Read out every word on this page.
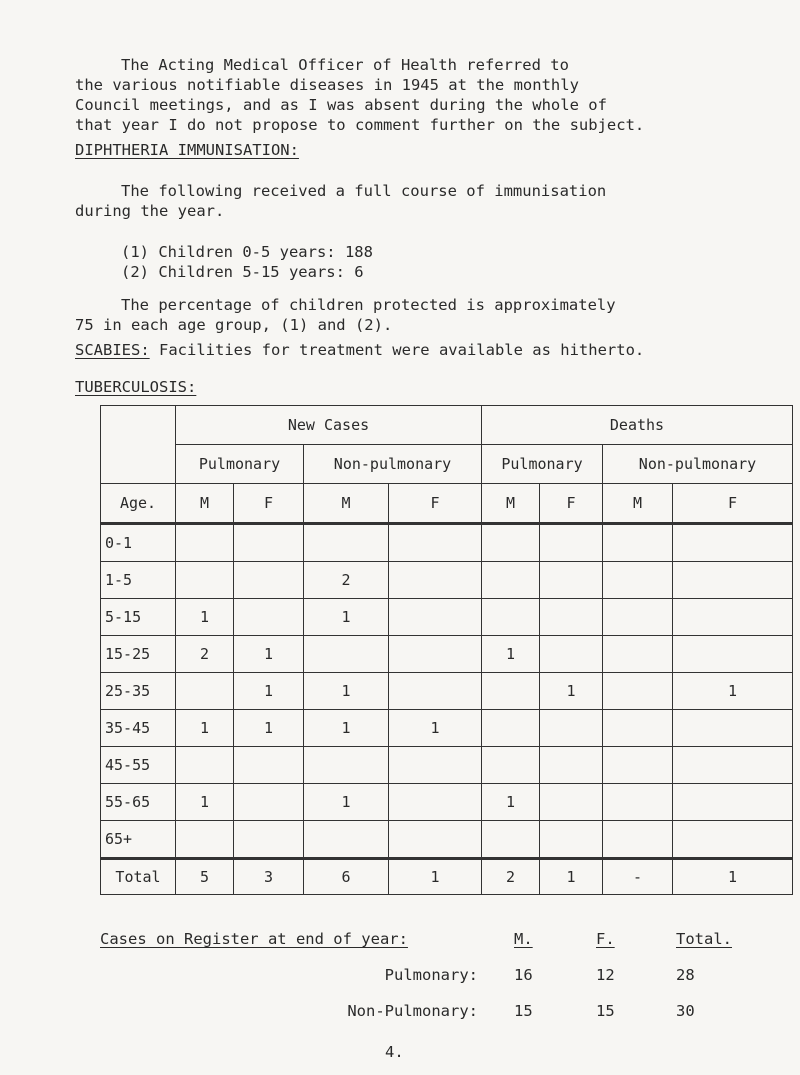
The Acting Medical Officer of Health referred to

the various notifiable diseases in 1945 at the monthly

Council meetings, and as I was absent during the whole of

that year I do not propose to comment further on the subject.

DIPHTHERIA IMMUNISATION:

The following received a full course of immunisation

during the year.

(1) Children 0-5 years: 188

(2) Children 5-15 years: 6

The percentage of children protected is approximately

75 in each age group, (1) and (2).

SCABIES: Facilities for treatment were available as hitherto.

TUBERCULOSIS:

	New Cases				Deaths			
	Pulmonary		Non-pulmonary		Pulmonary		Non-pulmonary	
Age.	M	F	M	F	M	F	M	F
0-1								
1-5			2					
5-15	1		1					
15-25	2	1			1			
25-35		1	1			1		1
35-45	1	1	1	1				
45-55								
55-65	1		1		1			
65+								
Total	5	3	6	1	2	1	-	1
Cases on Register at end of year:	M.	F.	Total.
Pulmonary: 16	12	28
Non-Pulmonary: 15	15	30

4.
